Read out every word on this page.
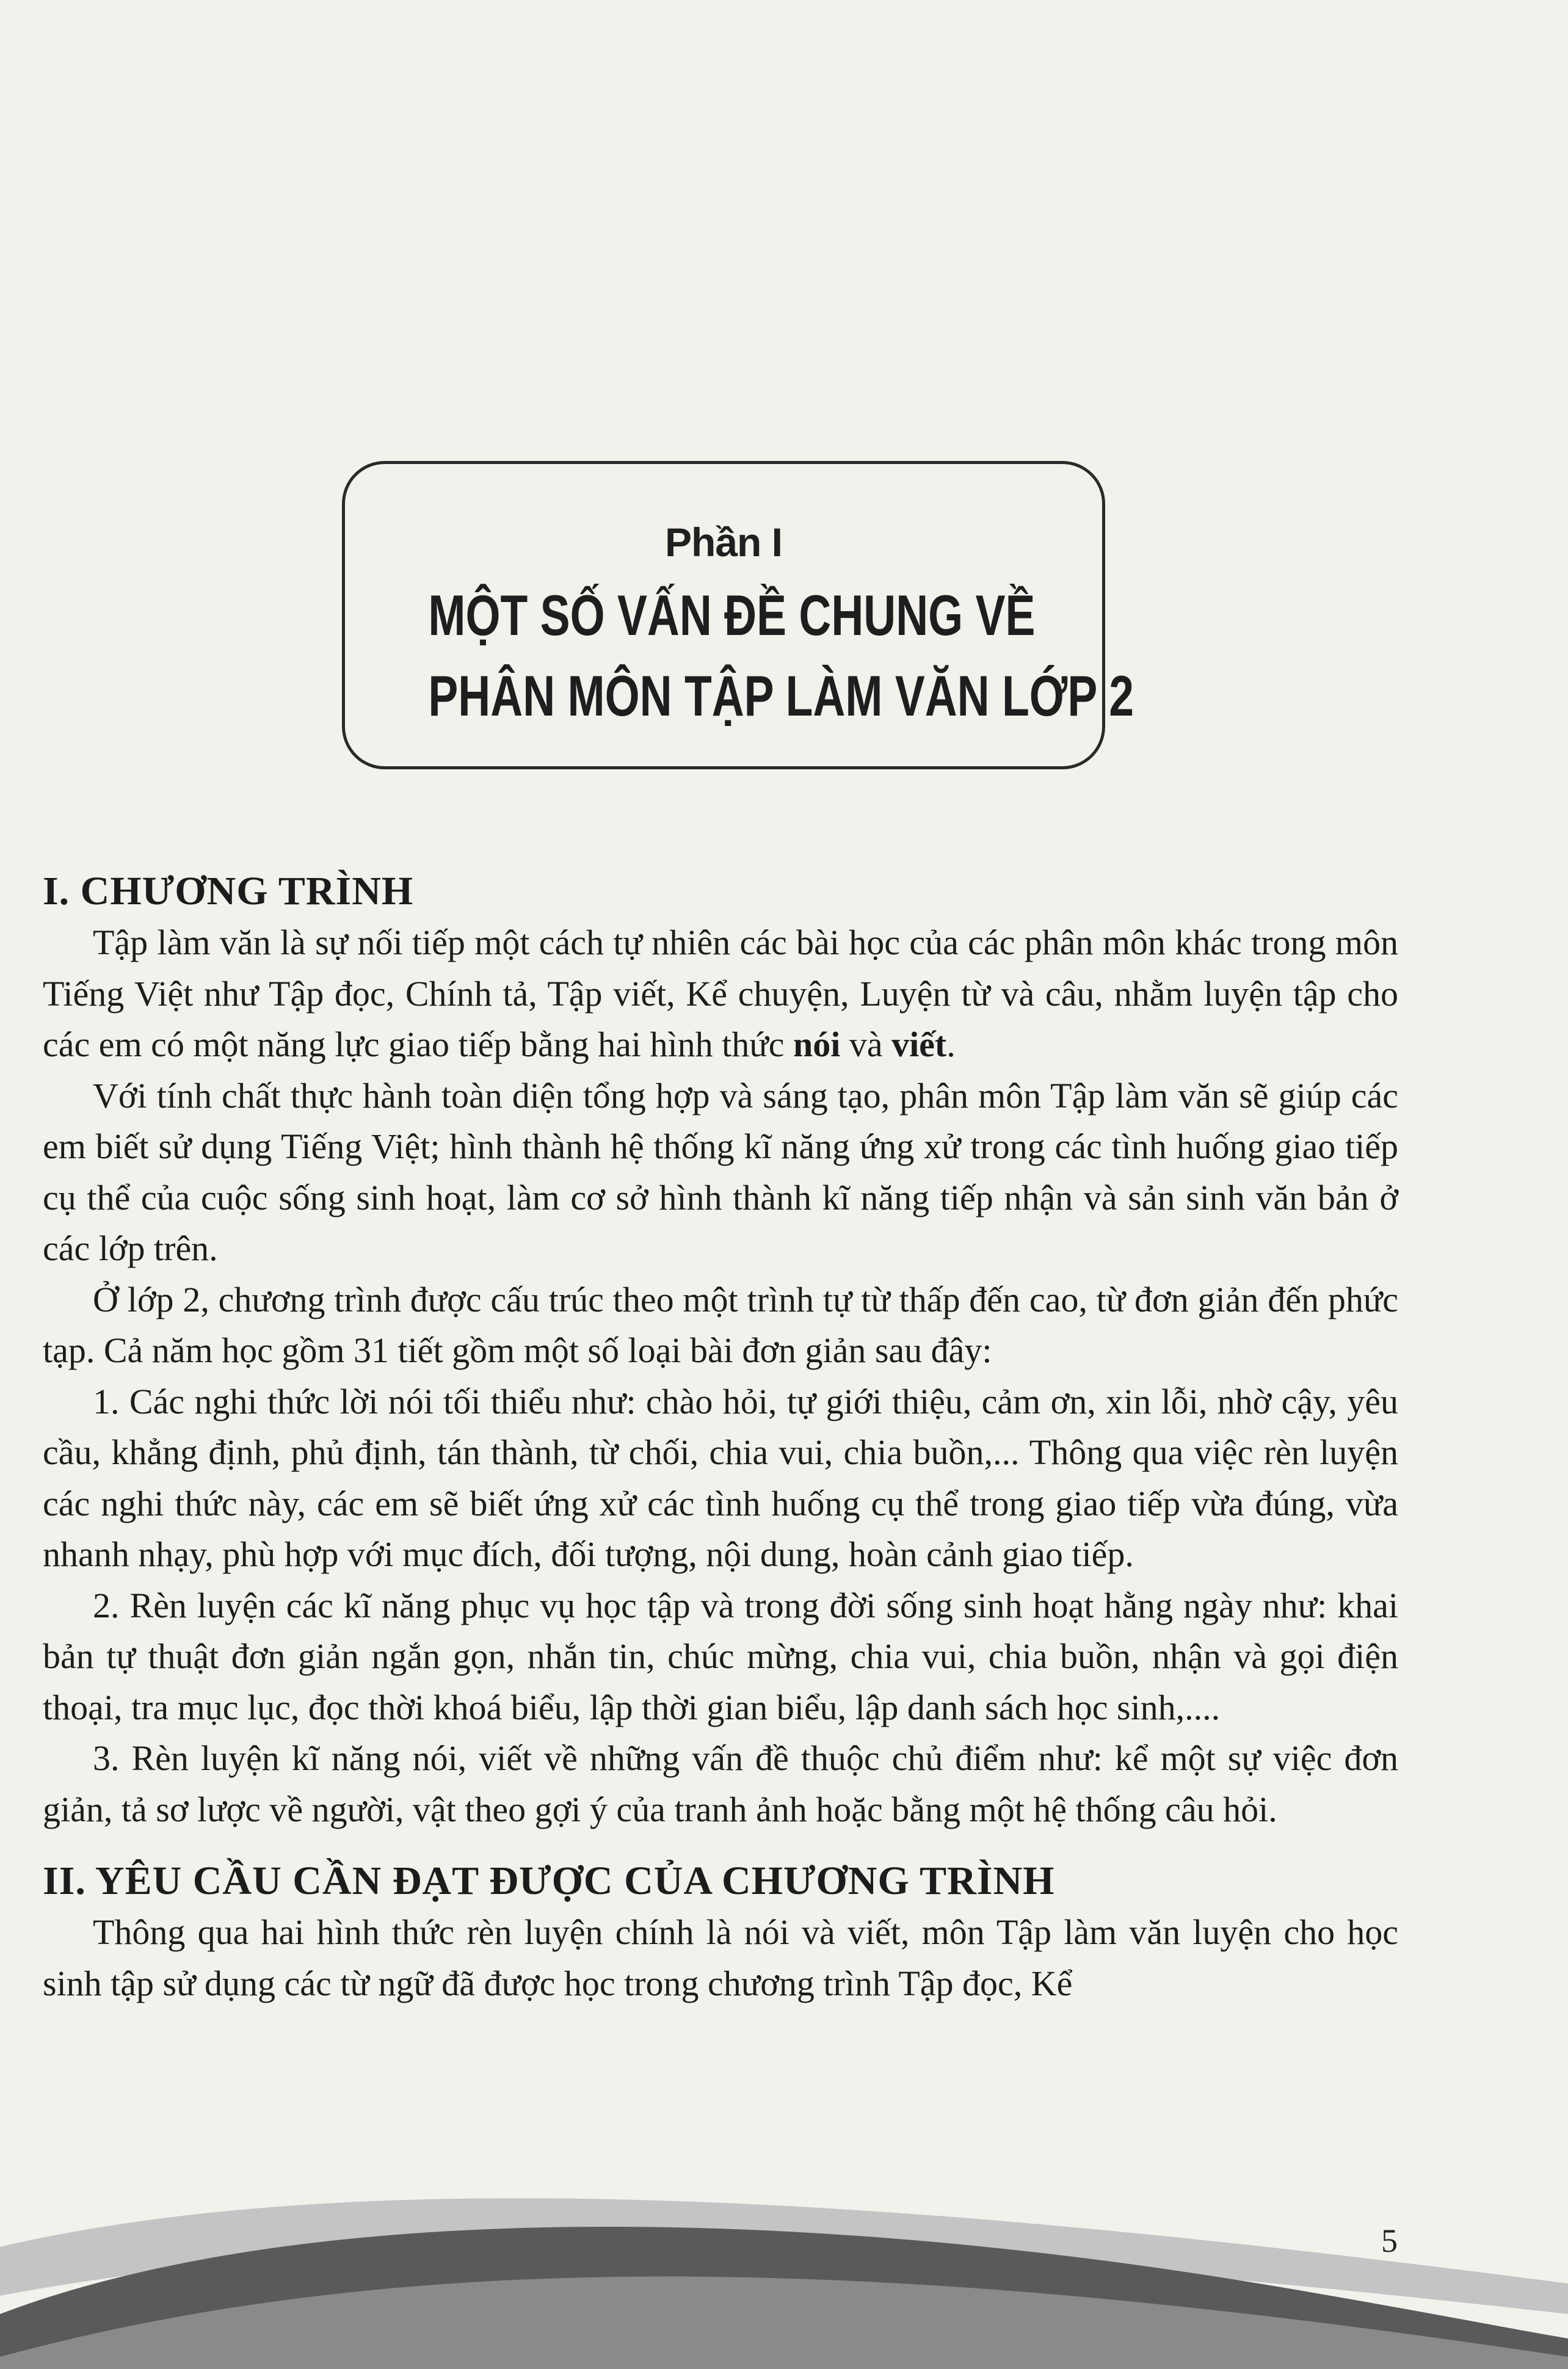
Phần I
MỘT SỐ VẤN ĐỀ CHUNG VỀ
PHÂN MÔN TẬP LÀM VĂN LỚP 2
I. CHƯƠNG TRÌNH

Tập làm văn là sự nối tiếp một cách tự nhiên các bài học của các phân môn khác trong môn Tiếng Việt như Tập đọc, Chính tả, Tập viết, Kể chuyện, Luyện từ và câu, nhằm luyện tập cho các em có một năng lực giao tiếp bằng hai hình thức nói và viết.

Với tính chất thực hành toàn diện tổng hợp và sáng tạo, phân môn Tập làm văn sẽ giúp các em biết sử dụng Tiếng Việt; hình thành hệ thống kĩ năng ứng xử trong các tình huống giao tiếp cụ thể của cuộc sống sinh hoạt, làm cơ sở hình thành kĩ năng tiếp nhận và sản sinh văn bản ở các lớp trên.

Ở lớp 2, chương trình được cấu trúc theo một trình tự từ thấp đến cao, từ đơn giản đến phức tạp. Cả năm học gồm 31 tiết gồm một số loại bài đơn giản sau đây:

1. Các nghi thức lời nói tối thiểu như: chào hỏi, tự giới thiệu, cảm ơn, xin lỗi, nhờ cậy, yêu cầu, khẳng định, phủ định, tán thành, từ chối, chia vui, chia buồn,... Thông qua việc rèn luyện các nghi thức này, các em sẽ biết ứng xử các tình huống cụ thể trong giao tiếp vừa đúng, vừa nhanh nhạy, phù hợp với mục đích, đối tượng, nội dung, hoàn cảnh giao tiếp.

2. Rèn luyện các kĩ năng phục vụ học tập và trong đời sống sinh hoạt hằng ngày như: khai bản tự thuật đơn giản ngắn gọn, nhắn tin, chúc mừng, chia vui, chia buồn, nhận và gọi điện thoại, tra mục lục, đọc thời khoá biểu, lập thời gian biểu, lập danh sách học sinh,....

3. Rèn luyện kĩ năng nói, viết về những vấn đề thuộc chủ điểm như: kể một sự việc đơn giản, tả sơ lược về người, vật theo gợi ý của tranh ảnh hoặc bằng một hệ thống câu hỏi.

II. YÊU CẦU CẦN ĐẠT ĐƯỢC CỦA CHƯƠNG TRÌNH

Thông qua hai hình thức rèn luyện chính là nói và viết, môn Tập làm văn luyện cho học sinh tập sử dụng các từ ngữ đã được học trong chương trình Tập đọc, Kể

5
